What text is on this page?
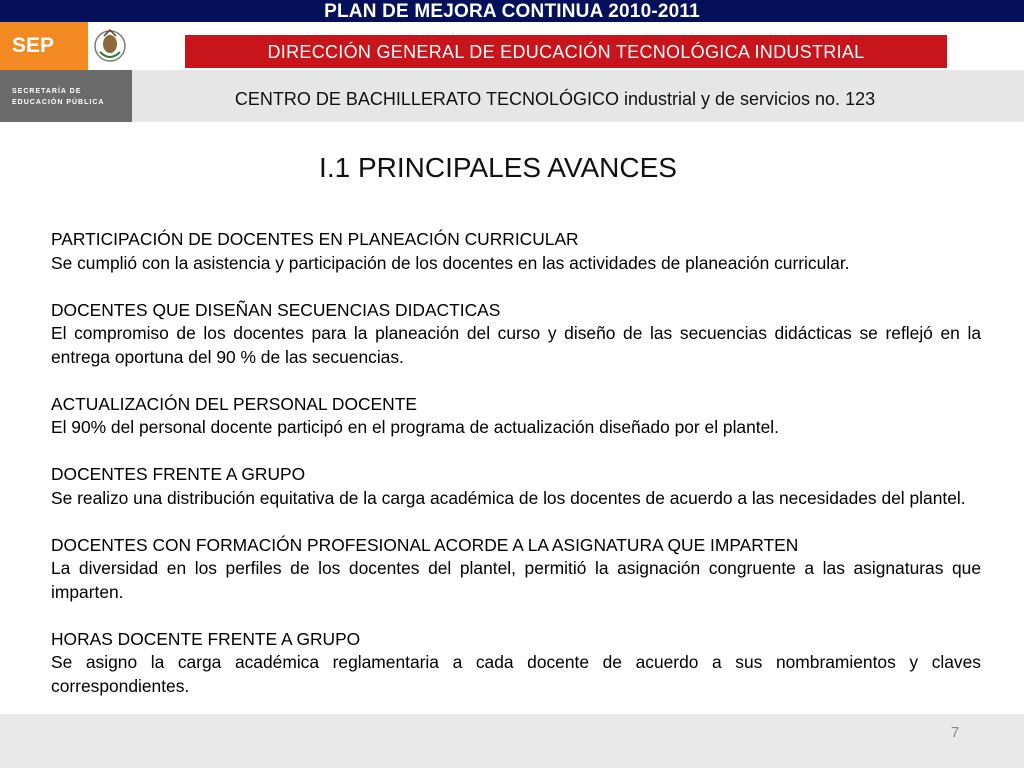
PLAN DE MEJORA CONTINUA 2010-2011
SEP
SECRETARÍA DE
EDUCACIÓN PÚBLICA
DIRECCIÓN GENERAL DE EDUCACIÓN TECNOLÓGICA INDUSTRIAL
CENTRO DE BACHILLERATO TECNOLÓGICO industrial y de servicios no. 123
I.1 PRINCIPALES AVANCES
PARTICIPACIÓN DE DOCENTES EN PLANEACIÓN CURRICULAR
Se cumplió con la asistencia y participación de los docentes en las actividades de planeación curricular.
DOCENTES QUE DISEÑAN SECUENCIAS DIDACTICAS
El compromiso de los docentes para la planeación del curso y diseño de las secuencias didácticas se reflejó en la entrega oportuna del 90 % de las secuencias.
ACTUALIZACIÓN DEL PERSONAL DOCENTE
El 90% del personal docente participó en el programa de actualización diseñado por el plantel.
DOCENTES FRENTE A GRUPO
Se realizo una distribución equitativa de la carga académica de los docentes de acuerdo a las necesidades del plantel.
DOCENTES CON FORMACIÓN PROFESIONAL ACORDE A LA ASIGNATURA QUE IMPARTEN
La diversidad en los perfiles de los docentes del plantel, permitió la asignación congruente a las asignaturas que imparten.
HORAS DOCENTE FRENTE A GRUPO
Se asigno la carga académica reglamentaria a cada docente de acuerdo a sus nombramientos y claves correspondientes.
7
